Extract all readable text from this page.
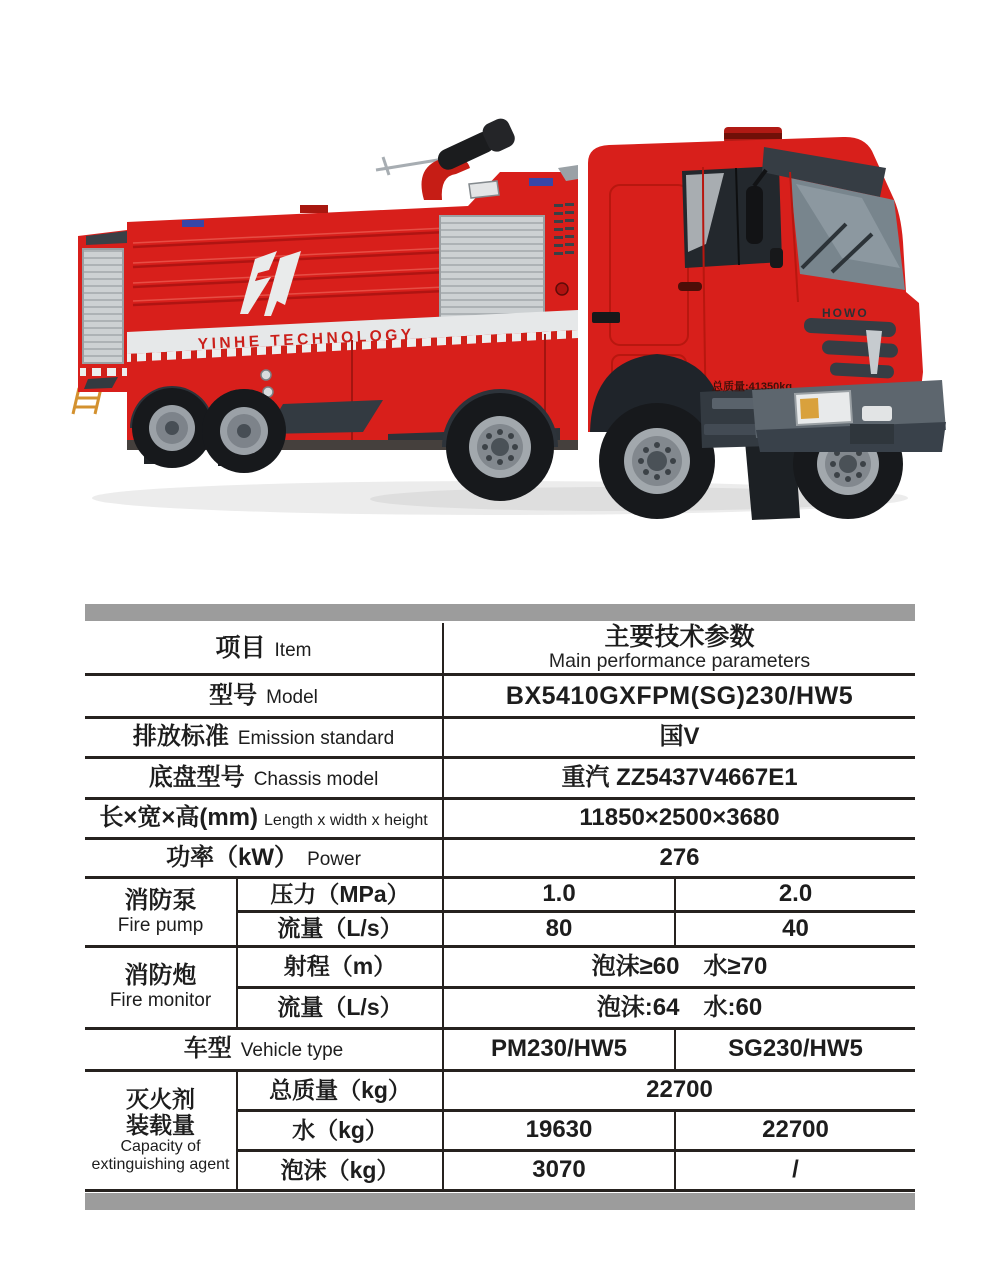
YINHE TECHNOLOGY
HOWO
总质量:41350kg
项目 Item		主要技术参数
Main performance parameters	

型号 Model		BX5410GXFPM(SG)230/HW5	
排放标准 Emission standard		国V	
底盘型号 Chassis model		重汽 ZZ5437V4667E1	
长×宽×高(mm) Length x width x height		11850×2500×3680	
功率（kW） Power		276	

消防泵
Fire pump	压力（MPa）	1.0	2.0
	流量（L/s）	80	40

消防炮
Fire monitor	射程（m）	泡沫≥60　水≥70	
	流量（L/s）	泡沫:64　水:60	
车型 Vehicle type		PM230/HW5	SG230/HW5

灭火剂
装载量
Capacity of
extinguishing agent	总质量（kg）	22700	
	水（kg）	19630	22700
	泡沫（kg）	3070	/
